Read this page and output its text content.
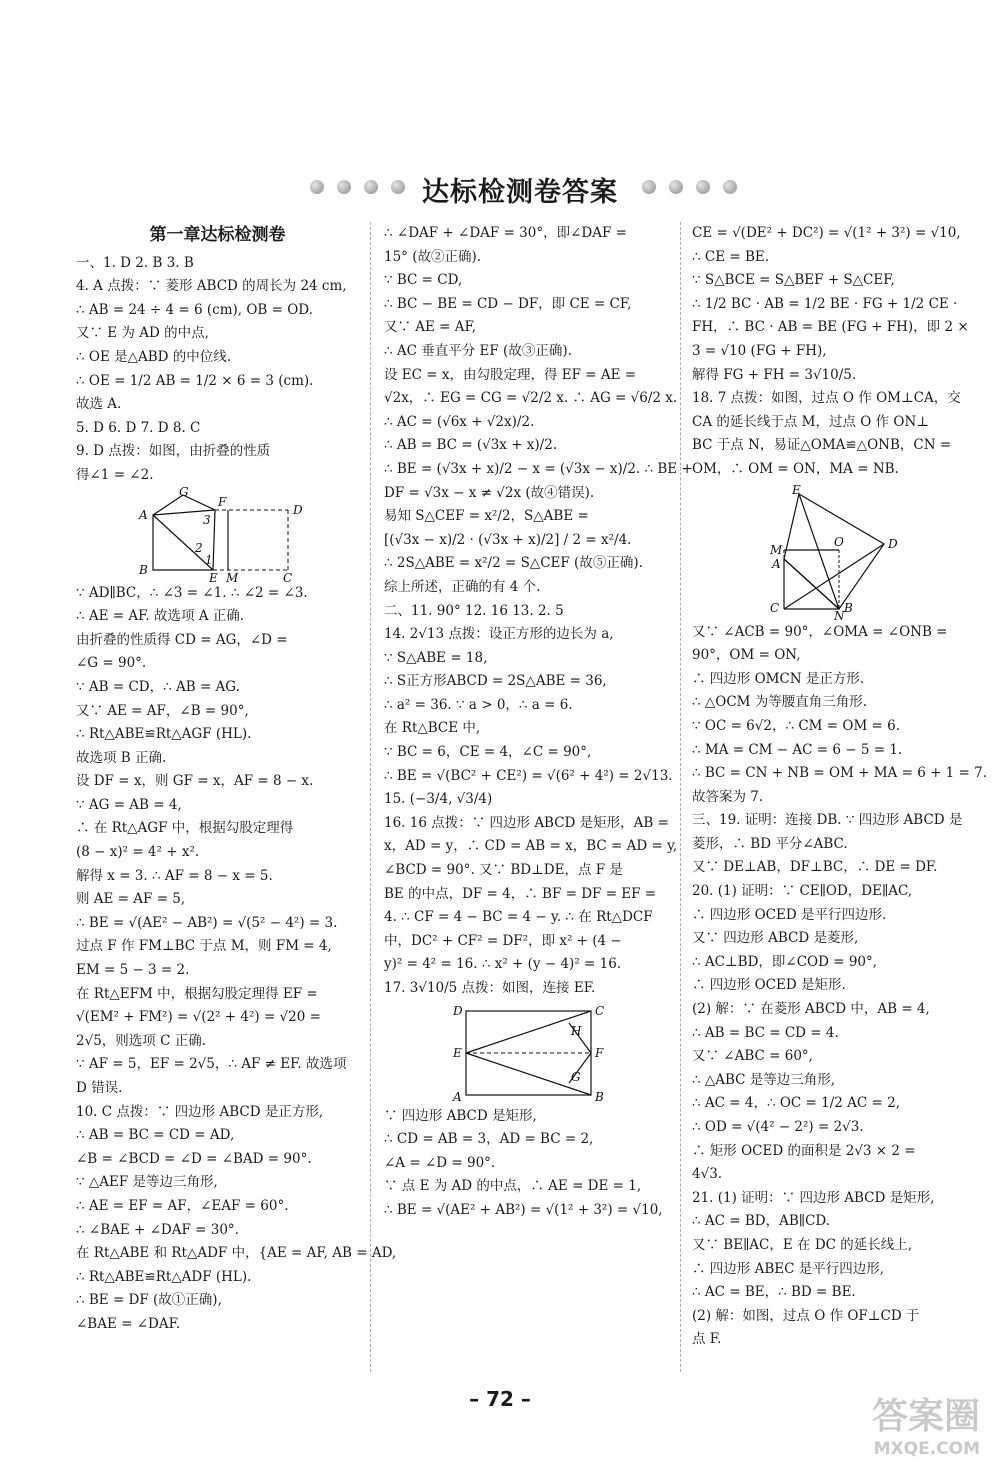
达标检测卷答案
第一章达标检测卷

一、1. D 2. B 3. B

4. A 点拨：∵ 菱形 ABCD 的周长为 24 cm,

∴ AB = 24 ÷ 4 = 6 (cm), OB = OD.

又∵ E 为 AD 的中点,

∴ OE 是△ABD 的中位线.

∴ OE = 1/2 AB = 1/2 × 6 = 3 (cm).

故选 A.

5. D 6. D 7. D 8. C

9. D 点拨：如图，由折叠的性质

得∠1 = ∠2.

A
B
C
D
E
F
G
M
1
2
3

∵ AD∥BC，∴ ∠3 = ∠1. ∴ ∠2 = ∠3.

∴ AE = AF. 故选项 A 正确.

由折叠的性质得 CD = AG，∠D =

∠G = 90°.

∵ AB = CD，∴ AB = AG.

又∵ AE = AF，∠B = 90°,

∴ Rt△ABE≌Rt△AGF (HL).

故选项 B 正确.

设 DF = x，则 GF = x，AF = 8 − x.

∵ AG = AB = 4,

∴ 在 Rt△AGF 中，根据勾股定理得

(8 − x)² = 4² + x².

解得 x = 3. ∴ AF = 8 − x = 5.

则 AE = AF = 5,

∴ BE = √(AE² − AB²) = √(5² − 4²) = 3.

过点 F 作 FM⊥BC 于点 M，则 FM = 4,

EM = 5 − 3 = 2.

在 Rt△EFM 中，根据勾股定理得 EF =

√(EM² + FM²) = √(2² + 4²) = √20 =

2√5，则选项 C 正确.

∵ AF = 5，EF = 2√5，∴ AF ≠ EF. 故选项

D 错误.

10. C 点拨：∵ 四边形 ABCD 是正方形,

∴ AB = BC = CD = AD,

∠B = ∠BCD = ∠D = ∠BAD = 90°.

∵ △AEF 是等边三角形,

∴ AE = EF = AF，∠EAF = 60°.

∴ ∠BAE + ∠DAF = 30°.

在 Rt△ABE 和 Rt△ADF 中，{AE = AF, AB = AD,

∴ Rt△ABE≌Rt△ADF (HL).

∴ BE = DF (故①正确),

∠BAE = ∠DAF.

∴ ∠DAF + ∠DAF = 30°，即∠DAF =

15° (故②正确).

∵ BC = CD,

∴ BC − BE = CD − DF，即 CE = CF,

又∵ AE = AF,

∴ AC 垂直平分 EF (故③正确).

设 EC = x，由勾股定理，得 EF = AE =

√2x，∴ EG = CG = √2/2 x. ∴ AG = √6/2 x.

∴ AC = (√6x + √2x)/2.

∴ AB = BC = (√3x + x)/2.

∴ BE = (√3x + x)/2 − x = (√3x − x)/2. ∴ BE +

DF = √3x − x ≠ √2x (故④错误).

易知 S△CEF = x²/2，S△ABE =

[(√3x − x)/2 · (√3x + x)/2] / 2 = x²/4.

∴ 2S△ABE = x²/2 = S△CEF (故⑤正确).

综上所述，正确的有 4 个.

二、11. 90° 12. 16 13. 2. 5

14. 2√13 点拨：设正方形的边长为 a,

∵ S△ABE = 18,

∴ S正方形ABCD = 2S△ABE = 36,

∴ a² = 36. ∵ a > 0，∴ a = 6.

在 Rt△BCE 中,

∵ BC = 6，CE = 4，∠C = 90°,

∴ BE = √(BC² + CE²) = √(6² + 4²) = 2√13.

15. (−3/4, √3/4)

16. 16 点拨：∵ 四边形 ABCD 是矩形，AB =

x，AD = y，∴ CD = AB = x，BC = AD = y,

∠BCD = 90°. 又∵ BD⊥DE，点 F 是

BE 的中点，DF = 4，∴ BF = DF = EF =

4. ∴ CF = 4 − BC = 4 − y. ∴ 在 Rt△DCF

中，DC² + CF² = DF²，即 x² + (4 −

y)² = 4² = 16. ∴ x² + (y − 4)² = 16.

17. 3√10/5 点拨：如图，连接 EF.

D	C
E	F
A	B
H
G

∵ 四边形 ABCD 是矩形,

∴ CD = AB = 3，AD = BC = 2,

∠A = ∠D = 90°.

∵ 点 E 为 AD 的中点，∴ AE = DE = 1,

∴ BE = √(AE² + AB²) = √(1² + 3²) = √10,

CE = √(DE² + DC²) = √(1² + 3²) = √10,

∴ CE = BE.

∵ S△BCE = S△BEF + S△CEF,

∴ 1/2 BC · AB = 1/2 BE · FG + 1/2 CE ·

FH，∴ BC · AB = BE (FG + FH)，即 2 ×

3 = √10 (FG + FH),

解得 FG + FH = 3√10/5.

18. 7 点拨：如图，过点 O 作 OM⊥CA，交

CA 的延长线于点 M，过点 O 作 ON⊥

BC 于点 N，易证△OMA≌△ONB，CN =

OM，∴ OM = ON，MA = NB.

E
D
O
M
A
C	B
N

又∵ ∠ACB = 90°，∠OMA = ∠ONB =

90°，OM = ON,

∴ 四边形 OMCN 是正方形.

∴ △OCM 为等腰直角三角形.

∵ OC = 6√2，∴ CM = OM = 6.

∴ MA = CM − AC = 6 − 5 = 1.

∴ BC = CN + NB = OM + MA = 6 + 1 = 7.

故答案为 7.

三、19. 证明：连接 DB. ∵ 四边形 ABCD 是

菱形，∴ BD 平分∠ABC.

又∵ DE⊥AB，DF⊥BC，∴ DE = DF.

20. (1) 证明：∵ CE∥OD，DE∥AC,

∴ 四边形 OCED 是平行四边形.

又∵ 四边形 ABCD 是菱形,

∴ AC⊥BD，即∠COD = 90°,

∴ 四边形 OCED 是矩形.

(2) 解：∵ 在菱形 ABCD 中，AB = 4,

∴ AB = BC = CD = 4.

又∵ ∠ABC = 60°,

∴ △ABC 是等边三角形,

∴ AC = 4，∴ OC = 1/2 AC = 2,

∴ OD = √(4² − 2²) = 2√3.

∴ 矩形 OCED 的面积是 2√3 × 2 =

4√3.

21. (1) 证明：∵ 四边形 ABCD 是矩形,

∴ AC = BD，AB∥CD.

又∵ BE∥AC，E 在 DC 的延长线上,

∴ 四边形 ABEC 是平行四边形,

∴ AC = BE，∴ BD = BE.

(2) 解：如图，过点 O 作 OF⊥CD 于

点 F.

– 72 –	答案圈
MXQE.COM
